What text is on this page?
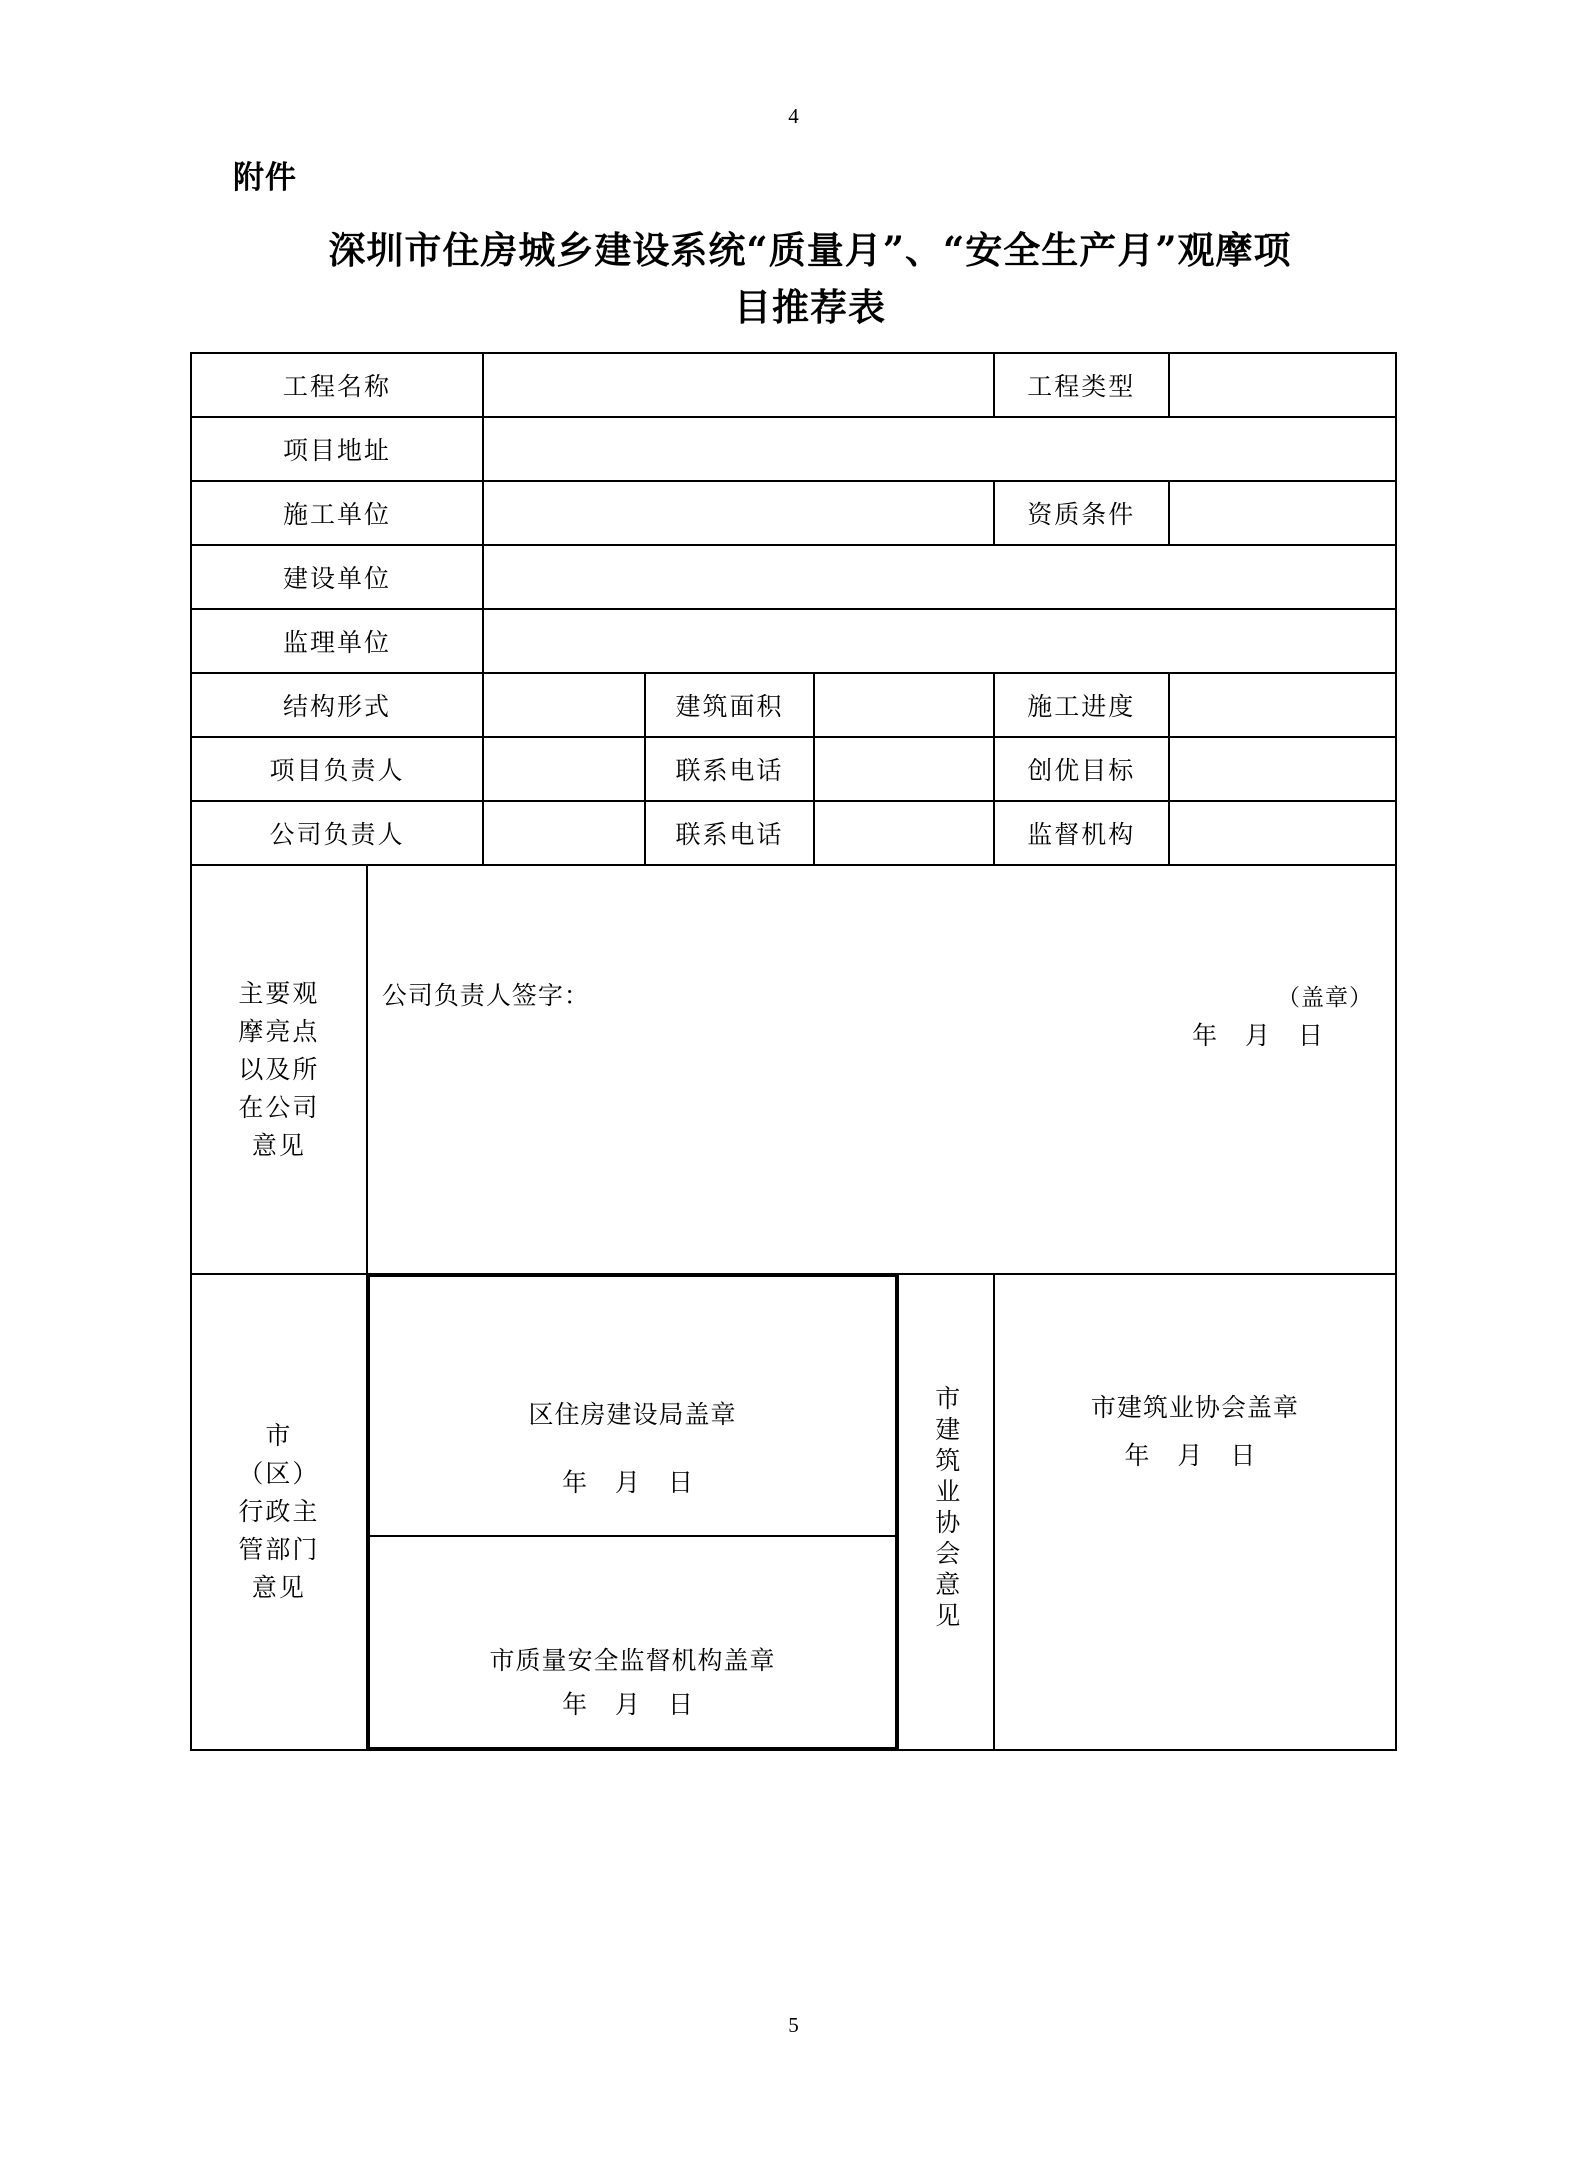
4
附件
深圳市住房城乡建设系统“质量月”、“安全生产月”观摩项目推荐表
工程名称		工程类型	
项目地址	
施工单位		资质条件	
建设单位	
监理单位	
结构形式		建筑面积		施工进度	
项目负责人		联系电话		创优目标	
公司负责人		联系电话		监督机构	

主要观摩亮点以及所在公司意见

公司负责人签字：	（盖章）
年 月 日

市（区）行政主管部门意见

区住房建设局盖章
年 月 日

市质量安全监督机构盖章
年 月 日
	市建筑业协会意见	市建筑业协会盖章
年 月 日
5
